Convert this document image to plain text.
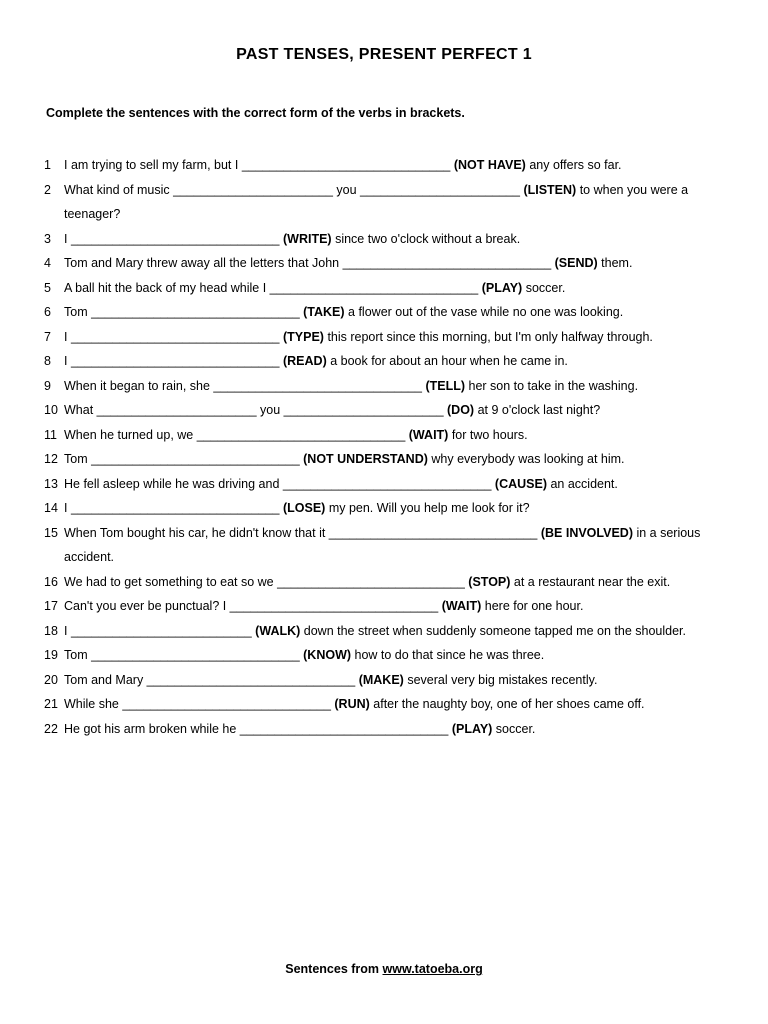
PAST TENSES, PRESENT PERFECT 1
Complete the sentences with the correct form of the verbs in brackets.
1	I am trying to sell my farm, but I ______________________________ (NOT HAVE) any offers so far.
2	What kind of music _______________________ you _______________________ (LISTEN) to when you were a teenager?
3	I ______________________________ (WRITE) since two o'clock without a break.
4	Tom and Mary threw away all the letters that John ______________________________ (SEND) them.
5	A ball hit the back of my head while I ______________________________ (PLAY) soccer.
6	Tom ______________________________ (TAKE) a flower out of the vase while no one was looking.
7	I ______________________________ (TYPE) this report since this morning, but I'm only halfway through.
8	I ______________________________ (READ) a book for about an hour when he came in.
9	When it began to rain, she ______________________________ (TELL) her son to take in the washing.
10 What _______________________ you _______________________ (DO) at 9 o'clock last night?
11 When he turned up, we ______________________________ (WAIT) for two hours.
12 Tom ______________________________ (NOT UNDERSTAND) why everybody was looking at him.
13 He fell asleep while he was driving and ______________________________ (CAUSE) an accident.
14 I ______________________________ (LOSE) my pen. Will you help me look for it?
15 When Tom bought his car, he didn't know that it ______________________________ (BE INVOLVED) in a serious accident.
16 We had to get something to eat so we ___________________________ (STOP) at a restaurant near the exit.
17 Can't you ever be punctual? I ______________________________ (WAIT) here for one hour.
18 I __________________________ (WALK) down the street when suddenly someone tapped me on the shoulder.
19 Tom ______________________________ (KNOW) how to do that since he was three.
20 Tom and Mary ______________________________ (MAKE) several very big mistakes recently.
21 While she ______________________________ (RUN) after the naughty boy, one of her shoes came off.
22 He got his arm broken while he ______________________________ (PLAY) soccer.
Sentences from www.tatoeba.org
